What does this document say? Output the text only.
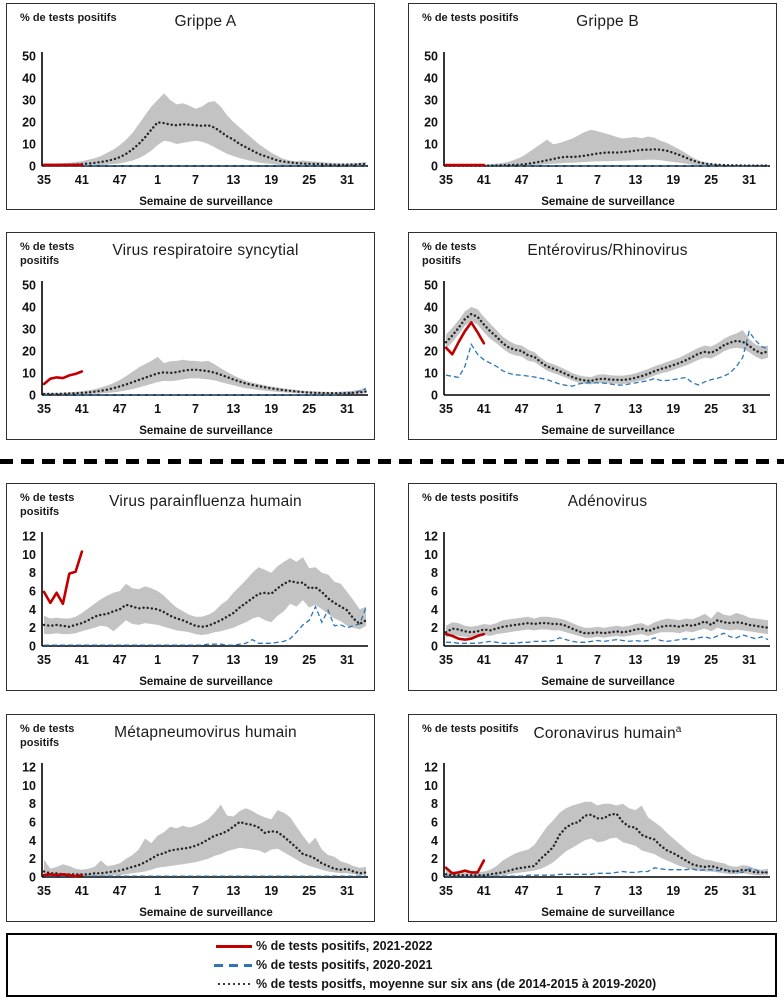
% de tests positifs	Grippe A
0
10
20
30
40
50
35 41 47 1 7 13 19 25 31
Semaine de surveillance
% de tests positifs	Grippe B
0
10
20
30
40
50
35 41 47 1 7 13 19 25 31
Semaine de surveillance
% de tests
positifs
Virus respiratoire syncytial
0
10
20
30
40
50
35 41 47 1 7 13 19 25 31
Semaine de surveillance
% de tests
positifs
Entérovirus/Rhinovirus
0
10
20
30
40
50
35 41 47 1 7 13 19 25 31
Semaine de surveillance
% de tests
positifs
Virus parainfluenza humain
0
2
4
6
8
10
12
35 41 47 1 7 13 19 25 31
Semaine de surveillance
% de tests positifs	Adénovirus
0
2
4
6
8
10
12
35 41 47 1 7 13 19 25 31
Semaine de surveillance
% de tests
positifs
Métapneumovirus humain
0
2
4
6
8
10
12
35 41 47 1 7 13 19 25 31
Semaine de surveillance
% de tests positifs Coronavirus humain$^a$
0
2
4
6
8
10
12
35 41 47 1 7 13 19 25 31
Semaine de surveillance
% de tests positifs, 2021-2022
% de tests positifs, 2020-2021
% de tests positfs, moyenne sur six ans (de 2014-2015 à 2019-2020)
